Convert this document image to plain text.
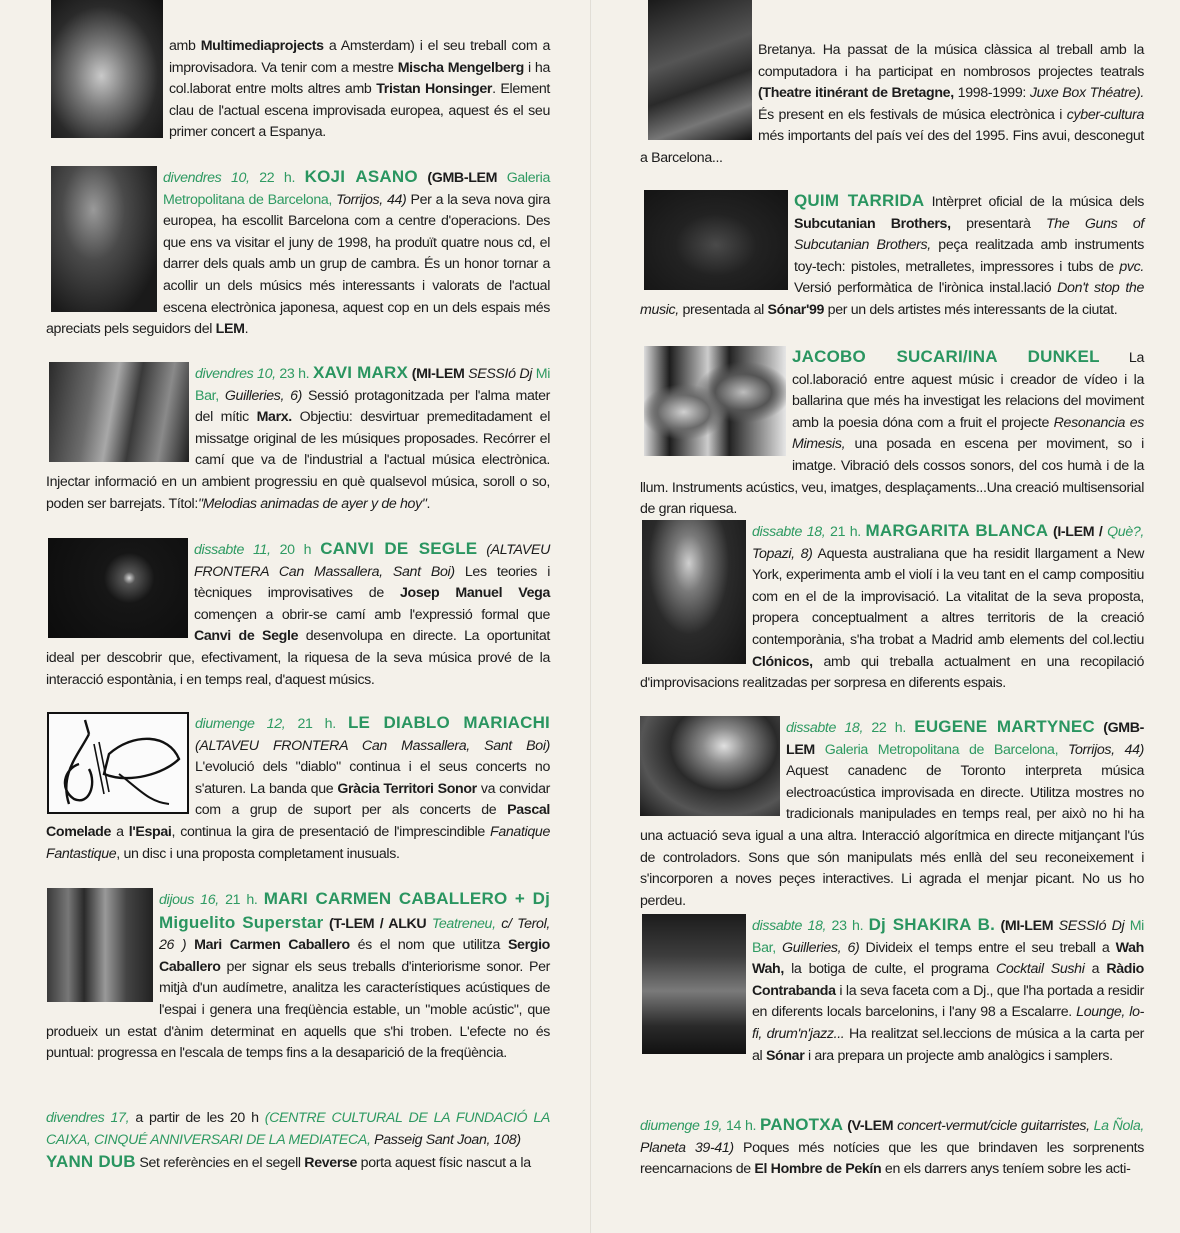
amb Multimediaprojects a Amsterdam) i el seu treball com a improvisadora. Va tenir com a mestre Mischa Mengelberg i ha col.laborat entre molts altres amb Tristan Honsinger. Element clau de l'actual escena improvisada europea, aquest és el seu primer concert a Espanya.

divendres 10, 22 h. KOJI ASANO (GMB-LEM Galeria Metropolitana de Barcelona, Torrijos, 44) Per a la seva nova gira europea, ha escollit Barcelona com a centre d'operacions. Des que ens va visitar el juny de 1998, ha produït quatre nous cd, el darrer dels quals amb un grup de cambra. És un honor tornar a acollir un dels músics més interessants i valorats de l'actual escena electrònica japonesa, aquest cop en un dels espais més apreciats pels seguidors del LEM.

divendres 10, 23 h. XAVI MARX (MI-LEM SESSIó Dj Mi Bar, Guilleries, 6) Sessió protagonitzada per l'alma mater del mític Marx. Objectiu: desvirtuar premeditadament el missatge original de les músiques proposades. Recórrer el camí que va de l'industrial a l'actual música electrònica. Injectar informació en un ambient progressiu en què qualsevol música, soroll o so, poden ser barrejats. Títol:"Melodias animadas de ayer y de hoy".

dissabte 11, 20 h CANVI DE SEGLE (ALTAVEU FRONTERA Can Massallera, Sant Boi) Les teories i tècniques improvisatives de Josep Manuel Vega començen a obrir-se camí amb l'expressió formal que Canvi de Segle desenvolupa en directe. La oportunitat ideal per descobrir que, efectivament, la riquesa de la seva música prové de la interacció espontània, i en temps real, d'aquest músics.

diumenge 12, 21 h. LE DIABLO MARIACHI (ALTAVEU FRONTERA Can Massallera, Sant Boi) L'evolució dels "diablo" continua i el seus concerts no s'aturen. La banda que Gràcia Territori Sonor va convidar com a grup de suport per als concerts de Pascal Comelade a l'Espai, continua la gira de presentació de l'imprescindible Fanatique Fantastique, un disc i una proposta completament inusuals.

dijous 16, 21 h. MARI CARMEN CABALLERO + Dj Miguelito Superstar (T-LEM / ALKU Teatreneu, c/ Terol, 26 ) Mari Carmen Caballero és el nom que utilitza Sergio Caballero per signar els seus treballs d'interiorisme sonor. Per mitjà d'un audímetre, analitza les característiques acústiques de l'espai i genera una freqüència estable, un "moble acústic", que produeix un estat d'ànim determinat en aquells que s'hi troben. L'efecte no és puntual: progressa en l'escala de temps fins a la desaparició de la freqüència.

divendres 17, a partir de les 20 h (CENTRE CULTURAL DE LA FUNDACIÓ LA CAIXA, CINQUÉ ANNIVERSARI DE LA MEDIATECA, Passeig Sant Joan, 108)
YANN DUB Set referències en el segell Reverse porta aquest físic nascut a la

Bretanya. Ha passat de la música clàssica al treball amb la computadora i ha participat en nombrosos projectes teatrals (Theatre itinérant de Bretagne, 1998-1999: Juxe Box Théatre). És present en els festivals de música electrònica i cyber-cultura més importants del país veí des del 1995. Fins avui, desconegut a Barcelona...

QUIM TARRIDA Intèrpret oficial de la música dels Subcutanian Brothers, presentarà The Guns of Subcutanian Brothers, peça realitzada amb instruments toy-tech: pistoles, metralletes, impressores i tubs de pvc. Versió performàtica de l'irònica instal.lació Don't stop the music, presentada al Sónar'99 per un dels artistes més interessants de la ciutat.

JACOBO SUCARI/INA DUNKEL La col.laboració entre aquest músic i creador de vídeo i la ballarina que més ha investigat les relacions del moviment amb la poesia dóna com a fruit el projecte Resonancia es Mimesis, una posada en escena per moviment, so i imatge. Vibració dels cossos sonors, del cos humà i de la llum. Instruments acústics, veu, imatges, desplaçaments...Una creació multisensorial de gran riquesa.

dissabte 18, 21 h. MARGARITA BLANCA (I-LEM / Què?, Topazi, 8) Aquesta australiana que ha residit llargament a New York, experimenta amb el violí i la veu tant en el camp compositiu com en el de la improvisació. La vitalitat de la seva proposta, propera conceptualment a altres territoris de la creació contemporània, s'ha trobat a Madrid amb elements del col.lectiu Clónicos, amb qui treballa actualment en una recopilació d'improvisacions realitzadas per sorpresa en diferents espais.

dissabte 18, 22 h. EUGENE MARTYNEC (GMB-LEM Galeria Metropolitana de Barcelona, Torrijos, 44) Aquest canadenc de Toronto interpreta música electroacústica improvisada en directe. Utilitza mostres no tradicionals manipulades en temps real, per això no hi ha una actuació seva igual a una altra. Interacció algorítmica en directe mitjançant l'ús de controladors. Sons que són manipulats més enllà del seu reconeixement i s'incorporen a noves peçes interactives. Li agrada el menjar picant. No us ho perdeu.

dissabte 18, 23 h. Dj SHAKIRA B. (MI-LEM SESSIó Dj Mi Bar, Guilleries, 6) Divideix el temps entre el seu treball a Wah Wah, la botiga de culte, el programa Cocktail Sushi a Ràdio Contrabanda i la seva faceta com a Dj., que l'ha portada a residir en diferents locals barcelonins, i l'any 98 a Escalarre. Lounge, lo-fi, drum'n'jazz... Ha realitzat sel.leccions de música a la carta per al Sónar i ara prepara un projecte amb analògics i samplers.

diumenge 19, 14 h. PANOTXA (V-LEM concert-vermut/cicle guitarristes, La Ñola, Planeta 39-41) Poques més notícies que les que brindaven les sorprenents reencarnacions de El Hombre de Pekín en els darrers anys teníem sobre les acti-
